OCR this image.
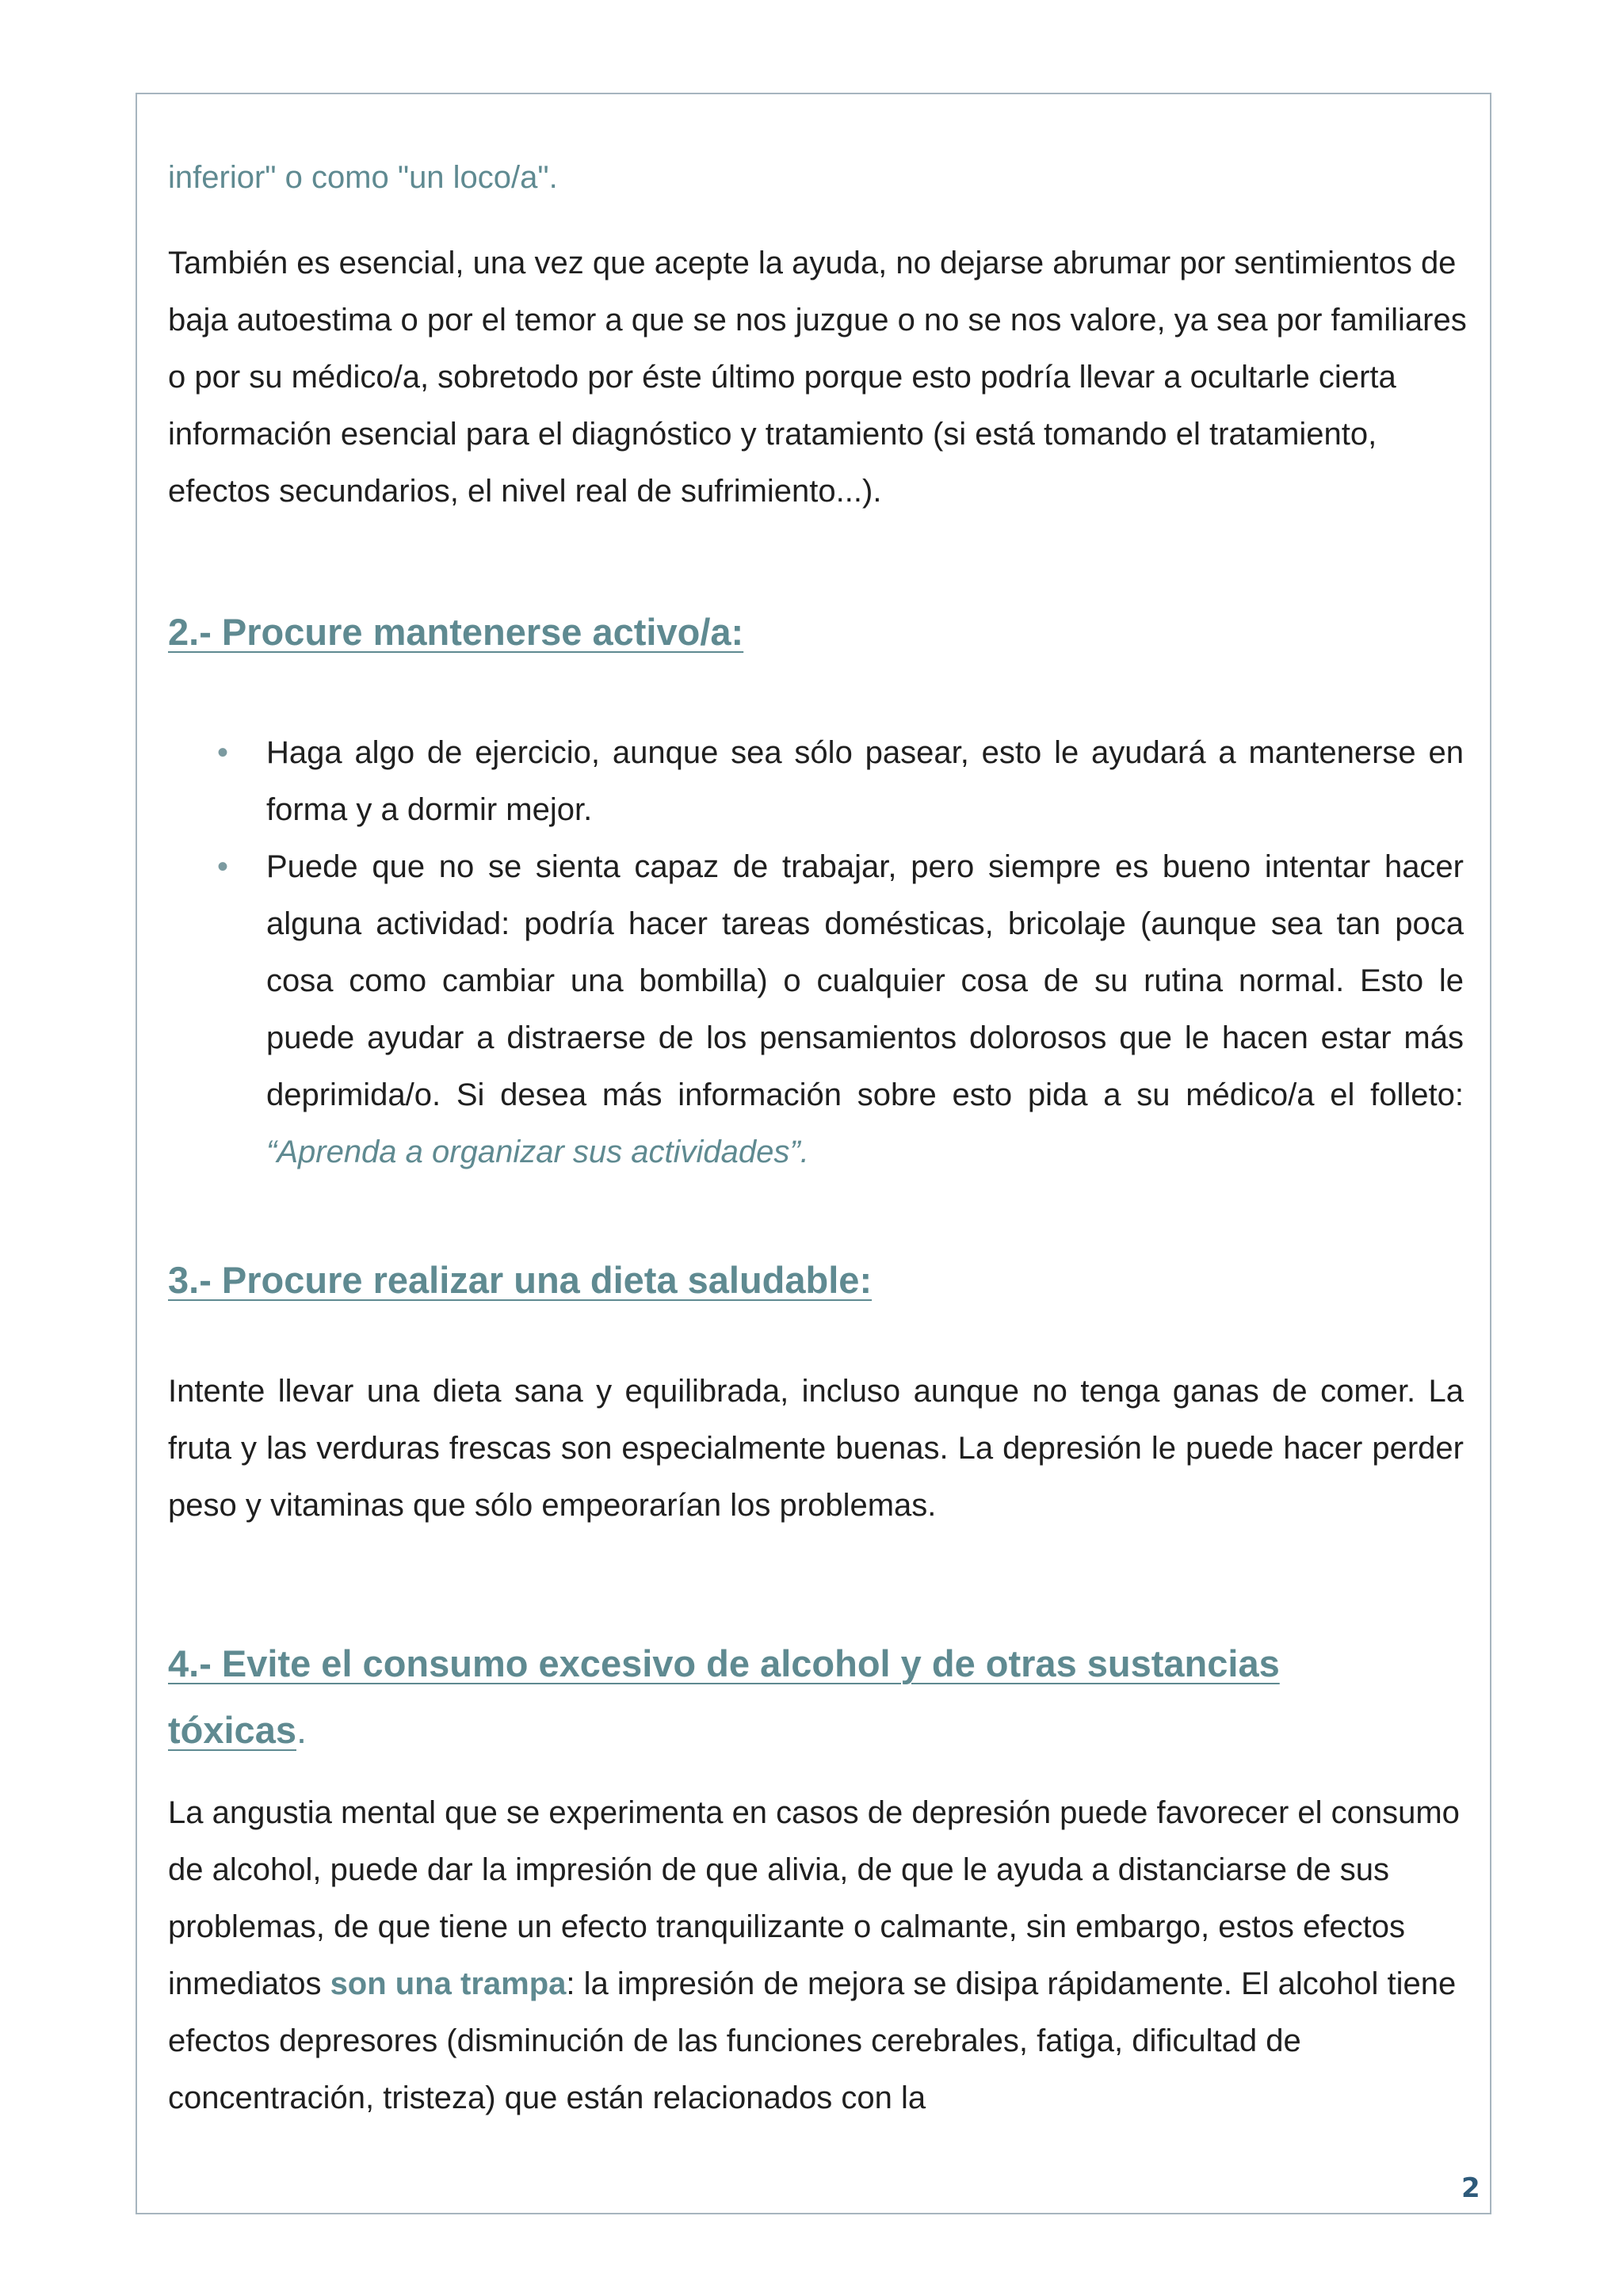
inferior" o como "un loco/a".

También es esencial, una vez que acepte la ayuda, no dejarse abrumar por sentimientos de baja autoestima o por el temor a que se nos juzgue o no se nos valore, ya sea por familiares o por su médico/a, sobretodo por éste último porque esto podría llevar a ocultarle cierta información esencial para el diagnóstico y tratamiento (si está tomando el tratamiento, efectos secundarios, el nivel real de sufrimiento...).

2.- Procure mantenerse activo/a:
• Haga algo de ejercicio, aunque sea sólo pasear, esto le ayudará a mantenerse en forma y a dormir mejor.
• Puede que no se sienta capaz de trabajar, pero siempre es bueno intentar hacer alguna actividad: podría hacer tareas domésticas, bricolaje (aunque sea tan poca cosa como cambiar una bombilla) o cualquier cosa de su rutina normal. Esto le puede ayudar a distraerse de los pensamientos dolorosos que le hacen estar más deprimida/o. Si desea más información sobre esto pida a su médico/a el folleto: “Aprenda a organizar sus actividades”.
3.- Procure realizar una dieta saludable:

Intente llevar una dieta sana y equilibrada, incluso aunque no tenga ganas de comer. La fruta y las verduras frescas son especialmente buenas. La depresión le puede hacer perder peso y vitaminas que sólo empeorarían los problemas.

4.- Evite el consumo excesivo de alcohol y de otras sustancias
tóxicas.

La angustia mental que se experimenta en casos de depresión puede favorecer el consumo de alcohol, puede dar la impresión de que alivia, de que le ayuda a distanciarse de sus problemas, de que tiene un efecto tranquilizante o calmante, sin embargo, estos efectos inmediatos son una trampa: la impresión de mejora se disipa rápidamente. El alcohol tiene efectos depresores (disminución de las funciones cerebrales, fatiga, dificultad de concentración, tristeza) que están relacionados con la

2
